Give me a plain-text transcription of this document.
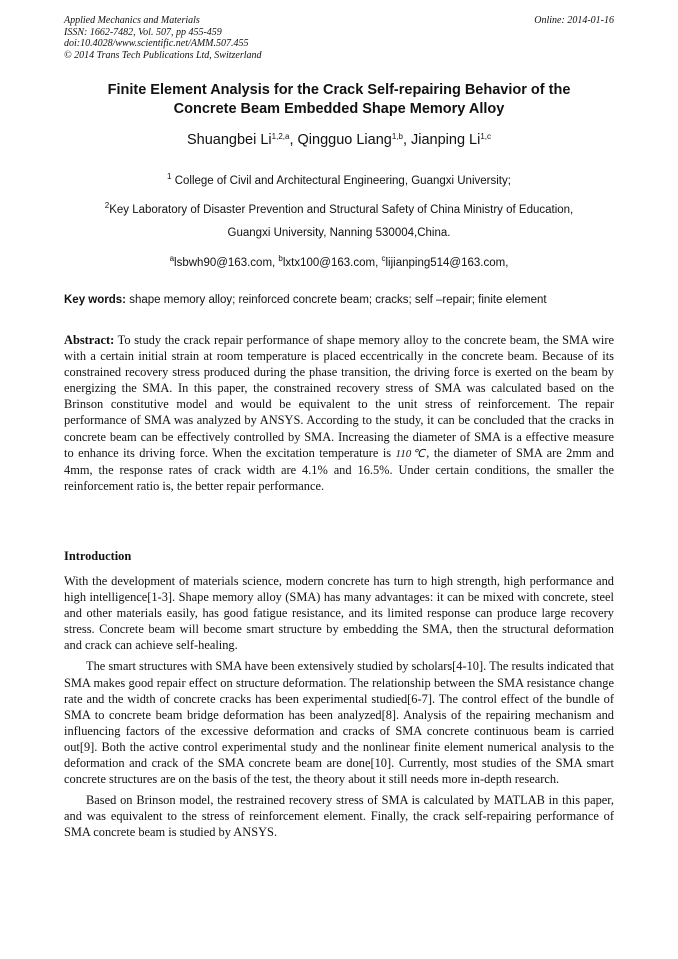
Applied Mechanics and Materials
ISSN: 1662-7482, Vol. 507, pp 455-459
doi:10.4028/www.scientific.net/AMM.507.455
© 2014 Trans Tech Publications Ltd, Switzerland
Online: 2014-01-16
Finite Element Analysis for the Crack Self-repairing Behavior of the
Concrete Beam Embedded Shape Memory Alloy
Shuangbei Li$^{1,2,a}$, Qingguo Liang$^{1,b}$, Jianping Li$^{1,c}$
$^1$ College of Civil and Architectural Engineering, Guangxi University;
$^2$Key Laboratory of Disaster Prevention and Structural Safety of China Ministry of Education,
Guangxi University, Nanning 530004,China.
$^a$lsbwh90@163.com, $^b$lxtx100@163.com, $^c$lijianping514@163.com,
Key words: shape memory alloy; reinforced concrete beam; cracks; self –repair; finite element

Abstract: To study the crack repair performance of shape memory alloy to the concrete beam, the SMA wire with a certain initial strain at room temperature is placed eccentrically in the concrete beam. Because of its constrained recovery stress produced during the phase transition, the driving force is exerted on the beam by energizing the SMA. In this paper, the constrained recovery stress of SMA was calculated based on the Brinson constitutive model and would be equivalent to the unit stress of reinforcement. The repair performance of SMA was analyzed by ANSYS. According to the study, it can be concluded that the cracks in concrete beam can be effectively controlled by SMA. Increasing the diameter of SMA is a effective measure to enhance its driving force. When the excitation temperature is 110℃, the diameter of SMA are 2mm and 4mm, the response rates of crack width are 4.1% and 16.5%. Under certain conditions, the smaller the reinforcement ratio is, the better repair performance.

Introduction

With the development of materials science, modern concrete has turn to high strength, high performance and high intelligence[1-3]. Shape memory alloy (SMA) has many advantages: it can be mixed with concrete, steel and other materials easily, has good fatigue resistance, and its limited response can produce large recovery stress. Concrete beam will become smart structure by embedding the SMA, then the structural deformation and crack can achieve self-healing.

The smart structures with SMA have been extensively studied by scholars[4-10]. The results indicated that SMA makes good repair effect on structure deformation. The relationship between the SMA resistance change rate and the width of concrete cracks has been experimental studied[6-7]. The control effect of the bundle of SMA to concrete beam bridge deformation has been analyzed[8]. Analysis of the repairing mechanism and influencing factors of the excessive deformation and cracks of SMA concrete continuous beam is carried out[9]. Both the active control experimental study and the nonlinear finite element numerical analysis to the deformation and crack of the SMA concrete beam are done[10]. Currently, most studies of the SMA smart concrete structures are on the basis of the test, the theory about it still needs more in-depth research.

Based on Brinson model, the restrained recovery stress of SMA is calculated by MATLAB in this paper, and was equivalent to the stress of reinforcement element. Finally, the crack self-repairing performance of SMA concrete beam is studied by ANSYS.
